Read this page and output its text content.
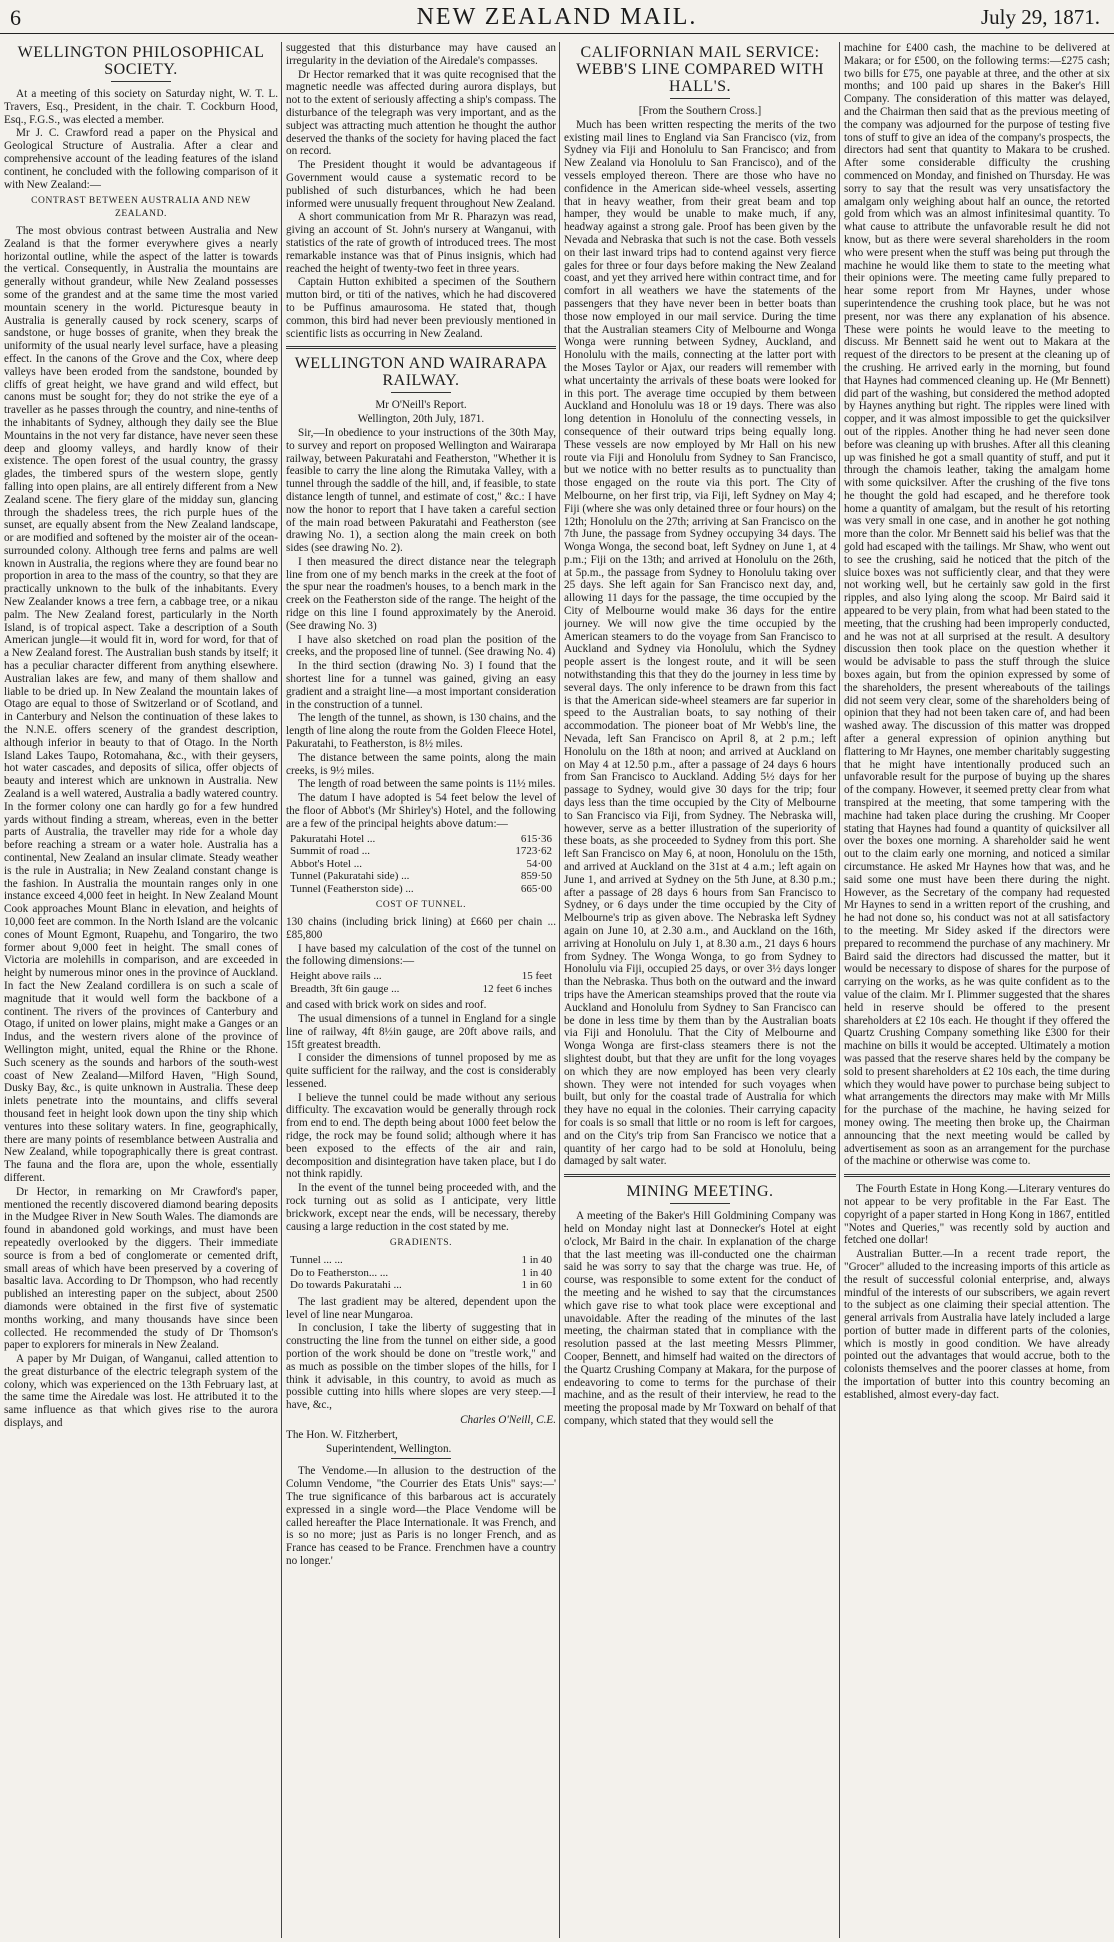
6	NEW ZEALAND MAIL.	July 29, 1871.
WELLINGTON PHILOSOPHICAL SOCIETY.

At a meeting of this society on Saturday night, W. T. L. Travers, Esq., President, in the chair. T. Cockburn Hood, Esq., F.G.S., was elected a member.

Mr J. C. Crawford read a paper on the Physical and Geological Structure of Australia. After a clear and comprehensive account of the leading features of the island continent, he concluded with the following comparison of it with New Zealand:—

CONTRAST BETWEEN AUSTRALIA AND NEW ZEALAND.

The most obvious contrast between Australia and New Zealand is that the former everywhere gives a nearly horizontal outline, while the aspect of the latter is towards the vertical. Consequently, in Australia the mountains are generally without grandeur, while New Zealand possesses some of the grandest and at the same time the most varied mountain scenery in the world. Picturesque beauty in Australia is generally caused by rock scenery, scarps of sandstone, or huge bosses of granite, when they break the uniformity of the usual nearly level surface, have a pleasing effect. In the canons of the Grove and the Cox, where deep valleys have been eroded from the sandstone, bounded by cliffs of great height, we have grand and wild effect, but canons must be sought for; they do not strike the eye of a traveller as he passes through the country, and nine-tenths of the inhabitants of Sydney, although they daily see the Blue Mountains in the not very far distance, have never seen these deep and gloomy valleys, and hardly know of their existence. The open forest of the usual country, the grassy glades, the timbered spurs of the western slope, gently falling into open plains, are all entirely different from a New Zealand scene. The fiery glare of the midday sun, glancing through the shadeless trees, the rich purple hues of the sunset, are equally absent from the New Zealand landscape, or are modified and softened by the moister air of the ocean-surrounded colony. Although tree ferns and palms are well known in Australia, the regions where they are found bear no proportion in area to the mass of the country, so that they are practically unknown to the bulk of the inhabitants. Every New Zealander knows a tree fern, a cabbage tree, or a nikau palm. The New Zealand forest, particularly in the North Island, is of tropical aspect. Take a description of a South American jungle—it would fit in, word for word, for that of a New Zealand forest. The Australian bush stands by itself; it has a peculiar character different from anything elsewhere. Australian lakes are few, and many of them shallow and liable to be dried up. In New Zealand the mountain lakes of Otago are equal to those of Switzerland or of Scotland, and in Canterbury and Nelson the continuation of these lakes to the N.N.E. offers scenery of the grandest description, although inferior in beauty to that of Otago. In the North Island Lakes Taupo, Rotomahana, &c., with their geysers, hot water cascades, and deposits of silica, offer objects of beauty and interest which are unknown in Australia. New Zealand is a well watered, Australia a badly watered country. In the former colony one can hardly go for a few hundred yards without finding a stream, whereas, even in the better parts of Australia, the traveller may ride for a whole day before reaching a stream or a water hole. Australia has a continental, New Zealand an insular climate. Steady weather is the rule in Australia; in New Zealand constant change is the fashion. In Australia the mountain ranges only in one instance exceed 4,000 feet in height. In New Zealand Mount Cook approaches Mount Blanc in elevation, and heights of 10,000 feet are common. In the North Island are the volcanic cones of Mount Egmont, Ruapehu, and Tongariro, the two former about 9,000 feet in height. The small cones of Victoria are molehills in comparison, and are exceeded in height by numerous minor ones in the province of Auckland. In fact the New Zealand cordillera is on such a scale of magnitude that it would well form the backbone of a continent. The rivers of the provinces of Canterbury and Otago, if united on lower plains, might make a Ganges or an Indus, and the western rivers alone of the province of Wellington might, united, equal the Rhine or the Rhone. Such scenery as the sounds and harbors of the south-west coast of New Zealand—Milford Haven, "High Sound, Dusky Bay, &c., is quite unknown in Australia. These deep inlets penetrate into the mountains, and cliffs several thousand feet in height look down upon the tiny ship which ventures into these solitary waters. In fine, geographically, there are many points of resemblance between Australia and New Zealand, while topographically there is great contrast. The fauna and the flora are, upon the whole, essentially different.

Dr Hector, in remarking on Mr Crawford's paper, mentioned the recently discovered diamond bearing deposits in the Mudgee River in New South Wales. The diamonds are found in abandoned gold workings, and must have been repeatedly overlooked by the diggers. Their immediate source is from a bed of conglomerate or cemented drift, small areas of which have been preserved by a covering of basaltic lava. According to Dr Thompson, who had recently published an interesting paper on the subject, about 2500 diamonds were obtained in the first five of systematic months working, and many thousands have since been collected. He recommended the study of Dr Thomson's paper to explorers for minerals in New Zealand.

A paper by Mr Duigan, of Wanganui, called attention to the great disturbance of the electric telegraph system of the colony, which was experienced on the 13th February last, at the same time the Airedale was lost. He attributed it to the same influence as that which gives rise to the aurora displays, and

suggested that this disturbance may have caused an irregularity in the deviation of the Airedale's compasses.

Dr Hector remarked that it was quite recognised that the magnetic needle was affected during aurora displays, but not to the extent of seriously affecting a ship's compass. The disturbance of the telegraph was very important, and as the subject was attracting much attention he thought the author deserved the thanks of the society for having placed the fact on record.

The President thought it would be advantageous if Government would cause a systematic record to be published of such disturbances, which he had been informed were unusually frequent throughout New Zealand.

A short communication from Mr R. Pharazyn was read, giving an account of St. John's nursery at Wanganui, with statistics of the rate of growth of introduced trees. The most remarkable instance was that of Pinus insignis, which had reached the height of twenty-two feet in three years.

Captain Hutton exhibited a specimen of the Southern mutton bird, or titi of the natives, which he had discovered to be Puffinus amaurosoma. He stated that, though common, this bird had never been previously mentioned in scientific lists as occurring in New Zealand.

WELLINGTON AND WAIRARAPA RAILWAY.

Mr O'Neill's Report.

Wellington, 20th July, 1871.

Sir,—In obedience to your instructions of the 30th May, to survey and report on proposed Wellington and Wairarapa railway, between Pakuratahi and Featherston, "Whether it is feasible to carry the line along the Rimutaka Valley, with a tunnel through the saddle of the hill, and, if feasible, to state distance length of tunnel, and estimate of cost," &c.: I have now the honor to report that I have taken a careful section of the main road between Pakuratahi and Featherston (see drawing No. 1), a section along the main creek on both sides (see drawing No. 2).

I then measured the direct distance near the telegraph line from one of my bench marks in the creek at the foot of the spur near the roadmen's houses, to a bench mark in the creek on the Featherston side of the range. The height of the ridge on this line I found approximately by the Aneroid. (See drawing No. 3)

I have also sketched on road plan the position of the creeks, and the proposed line of tunnel. (See drawing No. 4)

In the third section (drawing No. 3) I found that the shortest line for a tunnel was gained, giving an easy gradient and a straight line—a most important consideration in the construction of a tunnel.

The length of the tunnel, as shown, is 130 chains, and the length of line along the route from the Golden Fleece Hotel, Pakuratahi, to Featherston, is 8½ miles.

The distance between the same points, along the main creeks, is 9½ miles.

The length of road between the same points is 11½ miles.

The datum I have adopted is 54 feet below the level of the floor of Abbot's (Mr Shirley's) Hotel, and the following are a few of the principal heights above datum:—

Pakuratahi Hotel ...	615·36
Summit of road ...	1723·62
Abbot's Hotel ...	54·00
Tunnel (Pakuratahi side) ...	859·50
Tunnel (Featherston side) ...	665·00
COST OF TUNNEL.

130 chains (including brick lining) at £660 per chain ... £85,800

I have based my calculation of the cost of the tunnel on the following dimensions:—

Height above rails ...	15 feet
Breadth, 3ft 6in gauge ...	12 feet 6 inches

and cased with brick work on sides and roof.

The usual dimensions of a tunnel in England for a single line of railway, 4ft 8½in gauge, are 20ft above rails, and 15ft greatest breadth.

I consider the dimensions of tunnel proposed by me as quite sufficient for the railway, and the cost is considerably lessened.

I believe the tunnel could be made without any serious difficulty. The excavation would be generally through rock from end to end. The depth being about 1000 feet below the ridge, the rock may be found solid; although where it has been exposed to the effects of the air and rain, decomposition and disintegration have taken place, but I do not think rapidly.

In the event of the tunnel being proceeded with, and the rock turning out as solid as I anticipate, very little brickwork, except near the ends, will be necessary, thereby causing a large reduction in the cost stated by me.

GRADIENTS.
Tunnel ... ...	1 in 40
Do to Featherston... ...	1 in 40
Do towards Pakuratahi ...	1 in 60

The last gradient may be altered, dependent upon the level of line near Mungaroa.

In conclusion, I take the liberty of suggesting that in constructing the line from the tunnel on either side, a good portion of the work should be done on "trestle work," and as much as possible on the timber slopes of the hills, for I think it advisable, in this country, to avoid as much as possible cutting into hills where slopes are very steep.—I have, &c.,

Charles O'Neill, C.E.

The Hon. W. Fitzherbert,

Superintendent, Wellington.

The Vendome.—In allusion to the destruction of the Column Vendome, "the Courrier des Etats Unis" says:—' The true significance of this barbarous act is accurately expressed in a single word—the Place Vendome will be called hereafter the Place Internationale. It was French, and is so no more; just as Paris is no longer French, and as France has ceased to be France. Frenchmen have a country no longer.'

CALIFORNIAN MAIL SERVICE: WEBB'S LINE COMPARED WITH HALL'S.

[From the Southern Cross.]

Much has been written respecting the merits of the two existing mail lines to England via San Francisco (viz, from Sydney via Fiji and Honolulu to San Francisco; and from New Zealand via Honolulu to San Francisco), and of the vessels employed thereon. There are those who have no confidence in the American side-wheel vessels, asserting that in heavy weather, from their great beam and top hamper, they would be unable to make much, if any, headway against a strong gale. Proof has been given by the Nevada and Nebraska that such is not the case. Both vessels on their last inward trips had to contend against very fierce gales for three or four days before making the New Zealand coast, and yet they arrived here within contract time, and for comfort in all weathers we have the statements of the passengers that they have never been in better boats than those now employed in our mail service. During the time that the Australian steamers City of Melbourne and Wonga Wonga were running between Sydney, Auckland, and Honolulu with the mails, connecting at the latter port with the Moses Taylor or Ajax, our readers will remember with what uncertainty the arrivals of these boats were looked for in this port. The average time occupied by them between Auckland and Honolulu was 18 or 19 days. There was also long detention in Honolulu of the connecting vessels, in consequence of their outward trips being equally long. These vessels are now employed by Mr Hall on his new route via Fiji and Honolulu from Sydney to San Francisco, but we notice with no better results as to punctuality than those engaged on the route via this port. The City of Melbourne, on her first trip, via Fiji, left Sydney on May 4; Fiji (where she was only detained three or four hours) on the 12th; Honolulu on the 27th; arriving at San Francisco on the 7th June, the passage from Sydney occupying 34 days. The Wonga Wonga, the second boat, left Sydney on June 1, at 4 p.m.; Fiji on the 13th; and arrived at Honolulu on the 26th, at 5p.m., the passage from Sydney to Honolulu taking over 25 days. She left again for San Francisco next day, and, allowing 11 days for the passage, the time occupied by the City of Melbourne would make 36 days for the entire journey. We will now give the time occupied by the American steamers to do the voyage from San Francisco to Auckland and Sydney via Honolulu, which the Sydney people assert is the longest route, and it will be seen notwithstanding this that they do the journey in less time by several days. The only inference to be drawn from this fact is that the American side-wheel steamers are far superior in speed to the Australian boats, to say nothing of their accommodation. The pioneer boat of Mr Webb's line, the Nevada, left San Francisco on April 8, at 2 p.m.; left Honolulu on the 18th at noon; and arrived at Auckland on on May 4 at 12.50 p.m., after a passage of 24 days 6 hours from San Francisco to Auckland. Adding 5½ days for her passage to Sydney, would give 30 days for the trip; four days less than the time occupied by the City of Melbourne to San Francisco via Fiji, from Sydney. The Nebraska will, however, serve as a better illustration of the superiority of these boats, as she proceeded to Sydney from this port. She left San Francisco on May 6, at noon, Honolulu on the 15th, and arrived at Auckland on the 31st at 4 a.m.; left again on June 1, and arrived at Sydney on the 5th June, at 8.30 p.m.; after a passage of 28 days 6 hours from San Francisco to Sydney, or 6 days under the time occupied by the City of Melbourne's trip as given above. The Nebraska left Sydney again on June 10, at 2.30 a.m., and Auckland on the 16th, arriving at Honolulu on July 1, at 8.30 a.m., 21 days 6 hours from Sydney. The Wonga Wonga, to go from Sydney to Honolulu via Fiji, occupied 25 days, or over 3½ days longer than the Nebraska. Thus both on the outward and the inward trips have the American steamships proved that the route via Auckland and Honolulu from Sydney to San Francisco can be done in less time by them than by the Australian boats via Fiji and Honolulu. That the City of Melbourne and Wonga Wonga are first-class steamers there is not the slightest doubt, but that they are unfit for the long voyages on which they are now employed has been very clearly shown. They were not intended for such voyages when built, but only for the coastal trade of Australia for which they have no equal in the colonies. Their carrying capacity for coals is so small that little or no room is left for cargoes, and on the City's trip from San Francisco we notice that a quantity of her cargo had to be sold at Honolulu, being damaged by salt water.

MINING MEETING.

A meeting of the Baker's Hill Goldmining Company was held on Monday night last at Donnecker's Hotel at eight o'clock, Mr Baird in the chair. In explanation of the charge that the last meeting was ill-conducted one the chairman said he was sorry to say that the charge was true. He, of course, was responsible to some extent for the conduct of the meeting and he wished to say that the circumstances which gave rise to what took place were exceptional and unavoidable. After the reading of the minutes of the last meeting, the chairman stated that in compliance with the resolution passed at the last meeting Messrs Plimmer, Cooper, Bennett, and himself had waited on the directors of the Quartz Crushing Company at Makara, for the purpose of endeavoring to come to terms for the purchase of their machine, and as the result of their interview, he read to the meeting the proposal made by Mr Toxward on behalf of that company, which stated that they would sell the

machine for £400 cash, the machine to be delivered at Makara; or for £500, on the following terms:—£275 cash; two bills for £75, one payable at three, and the other at six months; and 100 paid up shares in the Baker's Hill Company. The consideration of this matter was delayed, and the Chairman then said that as the previous meeting of the company was adjourned for the purpose of testing five tons of stuff to give an idea of the company's prospects, the directors had sent that quantity to Makara to be crushed. After some considerable difficulty the crushing commenced on Monday, and finished on Thursday. He was sorry to say that the result was very unsatisfactory the amalgam only weighing about half an ounce, the retorted gold from which was an almost infinitesimal quantity. To what cause to attribute the unfavorable result he did not know, but as there were several shareholders in the room who were present when the stuff was being put through the machine he would like them to state to the meeting what their opinions were. The meeting came fully prepared to hear some report from Mr Haynes, under whose superintendence the crushing took place, but he was not present, nor was there any explanation of his absence. These were points he would leave to the meeting to discuss. Mr Bennett said he went out to Makara at the request of the directors to be present at the cleaning up of the crushing. He arrived early in the morning, but found that Haynes had commenced cleaning up. He (Mr Bennett) did part of the washing, but considered the method adopted by Haynes anything but right. The ripples were lined with copper, and it was almost impossible to get the quicksilver out of the ripples. Another thing he had never seen done before was cleaning up with brushes. After all this cleaning up was finished he got a small quantity of stuff, and put it through the chamois leather, taking the amalgam home with some quicksilver. After the crushing of the five tons he thought the gold had escaped, and he therefore took home a quantity of amalgam, but the result of his retorting was very small in one case, and in another he got nothing more than the color. Mr Bennett said his belief was that the gold had escaped with the tailings. Mr Shaw, who went out to see the crushing, said he noticed that the pitch of the sluice boxes was not sufficiently clear, and that they were not working well, but he certainly saw gold in the first ripples, and also lying along the scoop. Mr Baird said it appeared to be very plain, from what had been stated to the meeting, that the crushing had been improperly conducted, and he was not at all surprised at the result. A desultory discussion then took place on the question whether it would be advisable to pass the stuff through the sluice boxes again, but from the opinion expressed by some of the shareholders, the present whereabouts of the tailings did not seem very clear, some of the shareholders being of opinion that they had not been taken care of, and had been washed away. The discussion of this matter was dropped after a general expression of opinion anything but flattering to Mr Haynes, one member charitably suggesting that he might have intentionally produced such an unfavorable result for the purpose of buying up the shares of the company. However, it seemed pretty clear from what transpired at the meeting, that some tampering with the machine had taken place during the crushing. Mr Cooper stating that Haynes had found a quantity of quicksilver all over the boxes one morning. A shareholder said he went out to the claim early one morning, and noticed a similar circumstance. He asked Mr Haynes how that was, and he said some one must have been there during the night. However, as the Secretary of the company had requested Mr Haynes to send in a written report of the crushing, and he had not done so, his conduct was not at all satisfactory to the meeting. Mr Sidey asked if the directors were prepared to recommend the purchase of any machinery. Mr Baird said the directors had discussed the matter, but it would be necessary to dispose of shares for the purpose of carrying on the works, as he was quite confident as to the value of the claim. Mr I. Plimmer suggested that the shares held in reserve should be offered to the present shareholders at £2 10s each. He thought if they offered the Quartz Crushing Company something like £300 for their machine on bills it would be accepted. Ultimately a motion was passed that the reserve shares held by the company be sold to present shareholders at £2 10s each, the time during which they would have power to purchase being subject to what arrangements the directors may make with Mr Mills for the purchase of the machine, he having seized for money owing. The meeting then broke up, the Chairman announcing that the next meeting would be called by advertisement as soon as an arrangement for the purchase of the machine or otherwise was come to.

The Fourth Estate in Hong Kong.—Literary ventures do not appear to be very profitable in the Far East. The copyright of a paper started in Hong Kong in 1867, entitled "Notes and Queries," was recently sold by auction and fetched one dollar!

Australian Butter.—In a recent trade report, the "Grocer" alluded to the increasing imports of this article as the result of successful colonial enterprise, and, always mindful of the interests of our subscribers, we again revert to the subject as one claiming their special attention. The general arrivals from Australia have lately included a large portion of butter made in different parts of the colonies, which is mostly in good condition. We have already pointed out the advantages that would accrue, both to the colonists themselves and the poorer classes at home, from the importation of butter into this country becoming an established, almost every-day fact.
